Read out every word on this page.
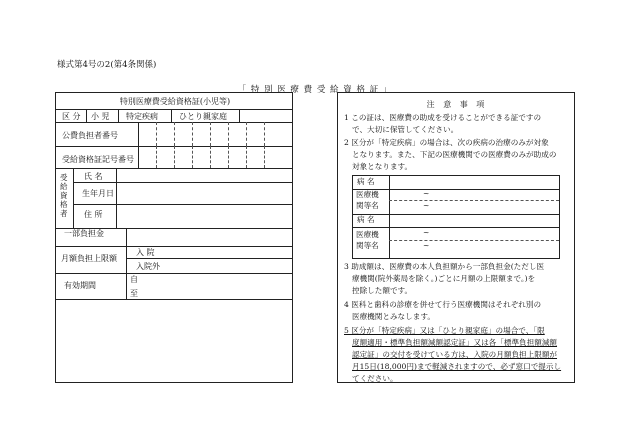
様式第4号の2(第4条関係)
「 特 別 医 療 費 受 給 資 格 証 」
特別医療費受給資格証(小児等)
区 分 小 児 特定疾病	ひとり親家庭
公費負担者番号
受給資格証記号番号
受給資格者
氏 名
生年月日
住 所
一部負担金
月額負担上限額
入 院
入院外
有効期間
自
至
注 意 事 項
1 この証は、医療費の助成を受けることができる証ですの
で、大切に保管してください。
2 区分が「特定疾病」の場合は、次の疾病の治療のみが対象
となります。また、下記の医療機関での医療費のみが助成の
対象となります。
病 名
医療機関等名
~
~
病 名
医療機関等名
~
~
3 助成額は、医療費の本人負担額から一部負担金(ただし医
療機関(院外薬局を除く。)ごとに月額の上限額まで。)を
控除した額です。
4 医科と歯科の診療を併せて行う医療機関はそれぞれ別の
医療機関とみなします。
5 区分が「特定疾病」又は「ひとり親家庭」の場合で、「限
度額適用・標準負担額減額認定証」又は各「標準負担額減額
認定証」の交付を受けている方は、入院の月額負担上限額が
月15日(18,000円)まで軽減されますので、必ず窓口で提示し
てください。
